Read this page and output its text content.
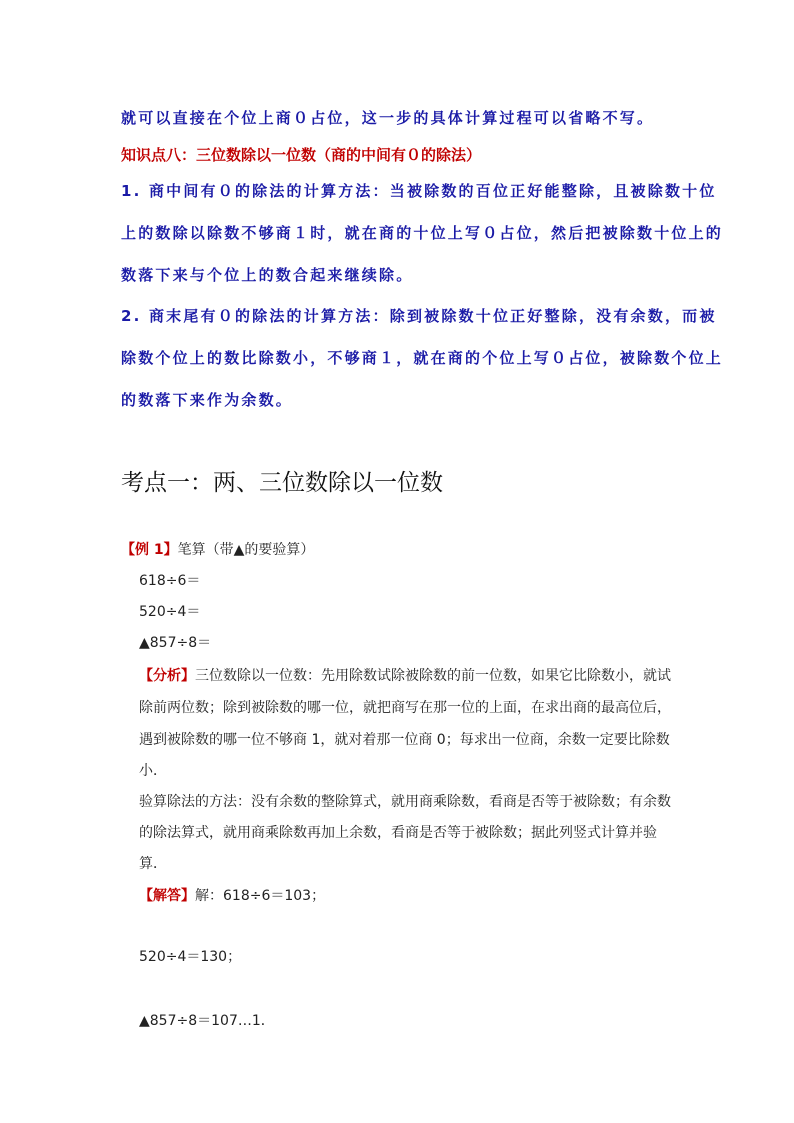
就可以直接在个位上商０占位，这一步的具体计算过程可以省略不写。

知识点八：三位数除以一位数（商的中间有０的除法）

1. 商中间有０的除法的计算方法：当被除数的百位正好能整除，且被除数十位

上的数除以除数不够商１时，就在商的十位上写０占位，然后把被除数十位上的

数落下来与个位上的数合起来继续除。

2. 商末尾有０的除法的计算方法：除到被除数十位正好整除，没有余数，而被

除数个位上的数比除数小，不够商１，就在商的个位上写０占位，被除数个位上

的数落下来作为余数。

考点一：两、三位数除以一位数

【例 1】笔算（带▲的要验算）

618÷6＝

520÷4＝

▲857÷8＝

【分析】三位数除以一位数：先用除数试除被除数的前一位数，如果它比除数小，就试

除前两位数；除到被除数的哪一位，就把商写在那一位的上面，在求出商的最高位后，

遇到被除数的哪一位不够商 1，就对着那一位商 0；每求出一位商，余数一定要比除数

小．

验算除法的方法：没有余数的整除算式，就用商乘除数，看商是否等于被除数；有余数

的除法算式，就用商乘除数再加上余数，看商是否等于被除数；据此列竖式计算并验

算．

【解答】解：618÷6＝103；

520÷4＝130；

▲857÷8＝107…1．
